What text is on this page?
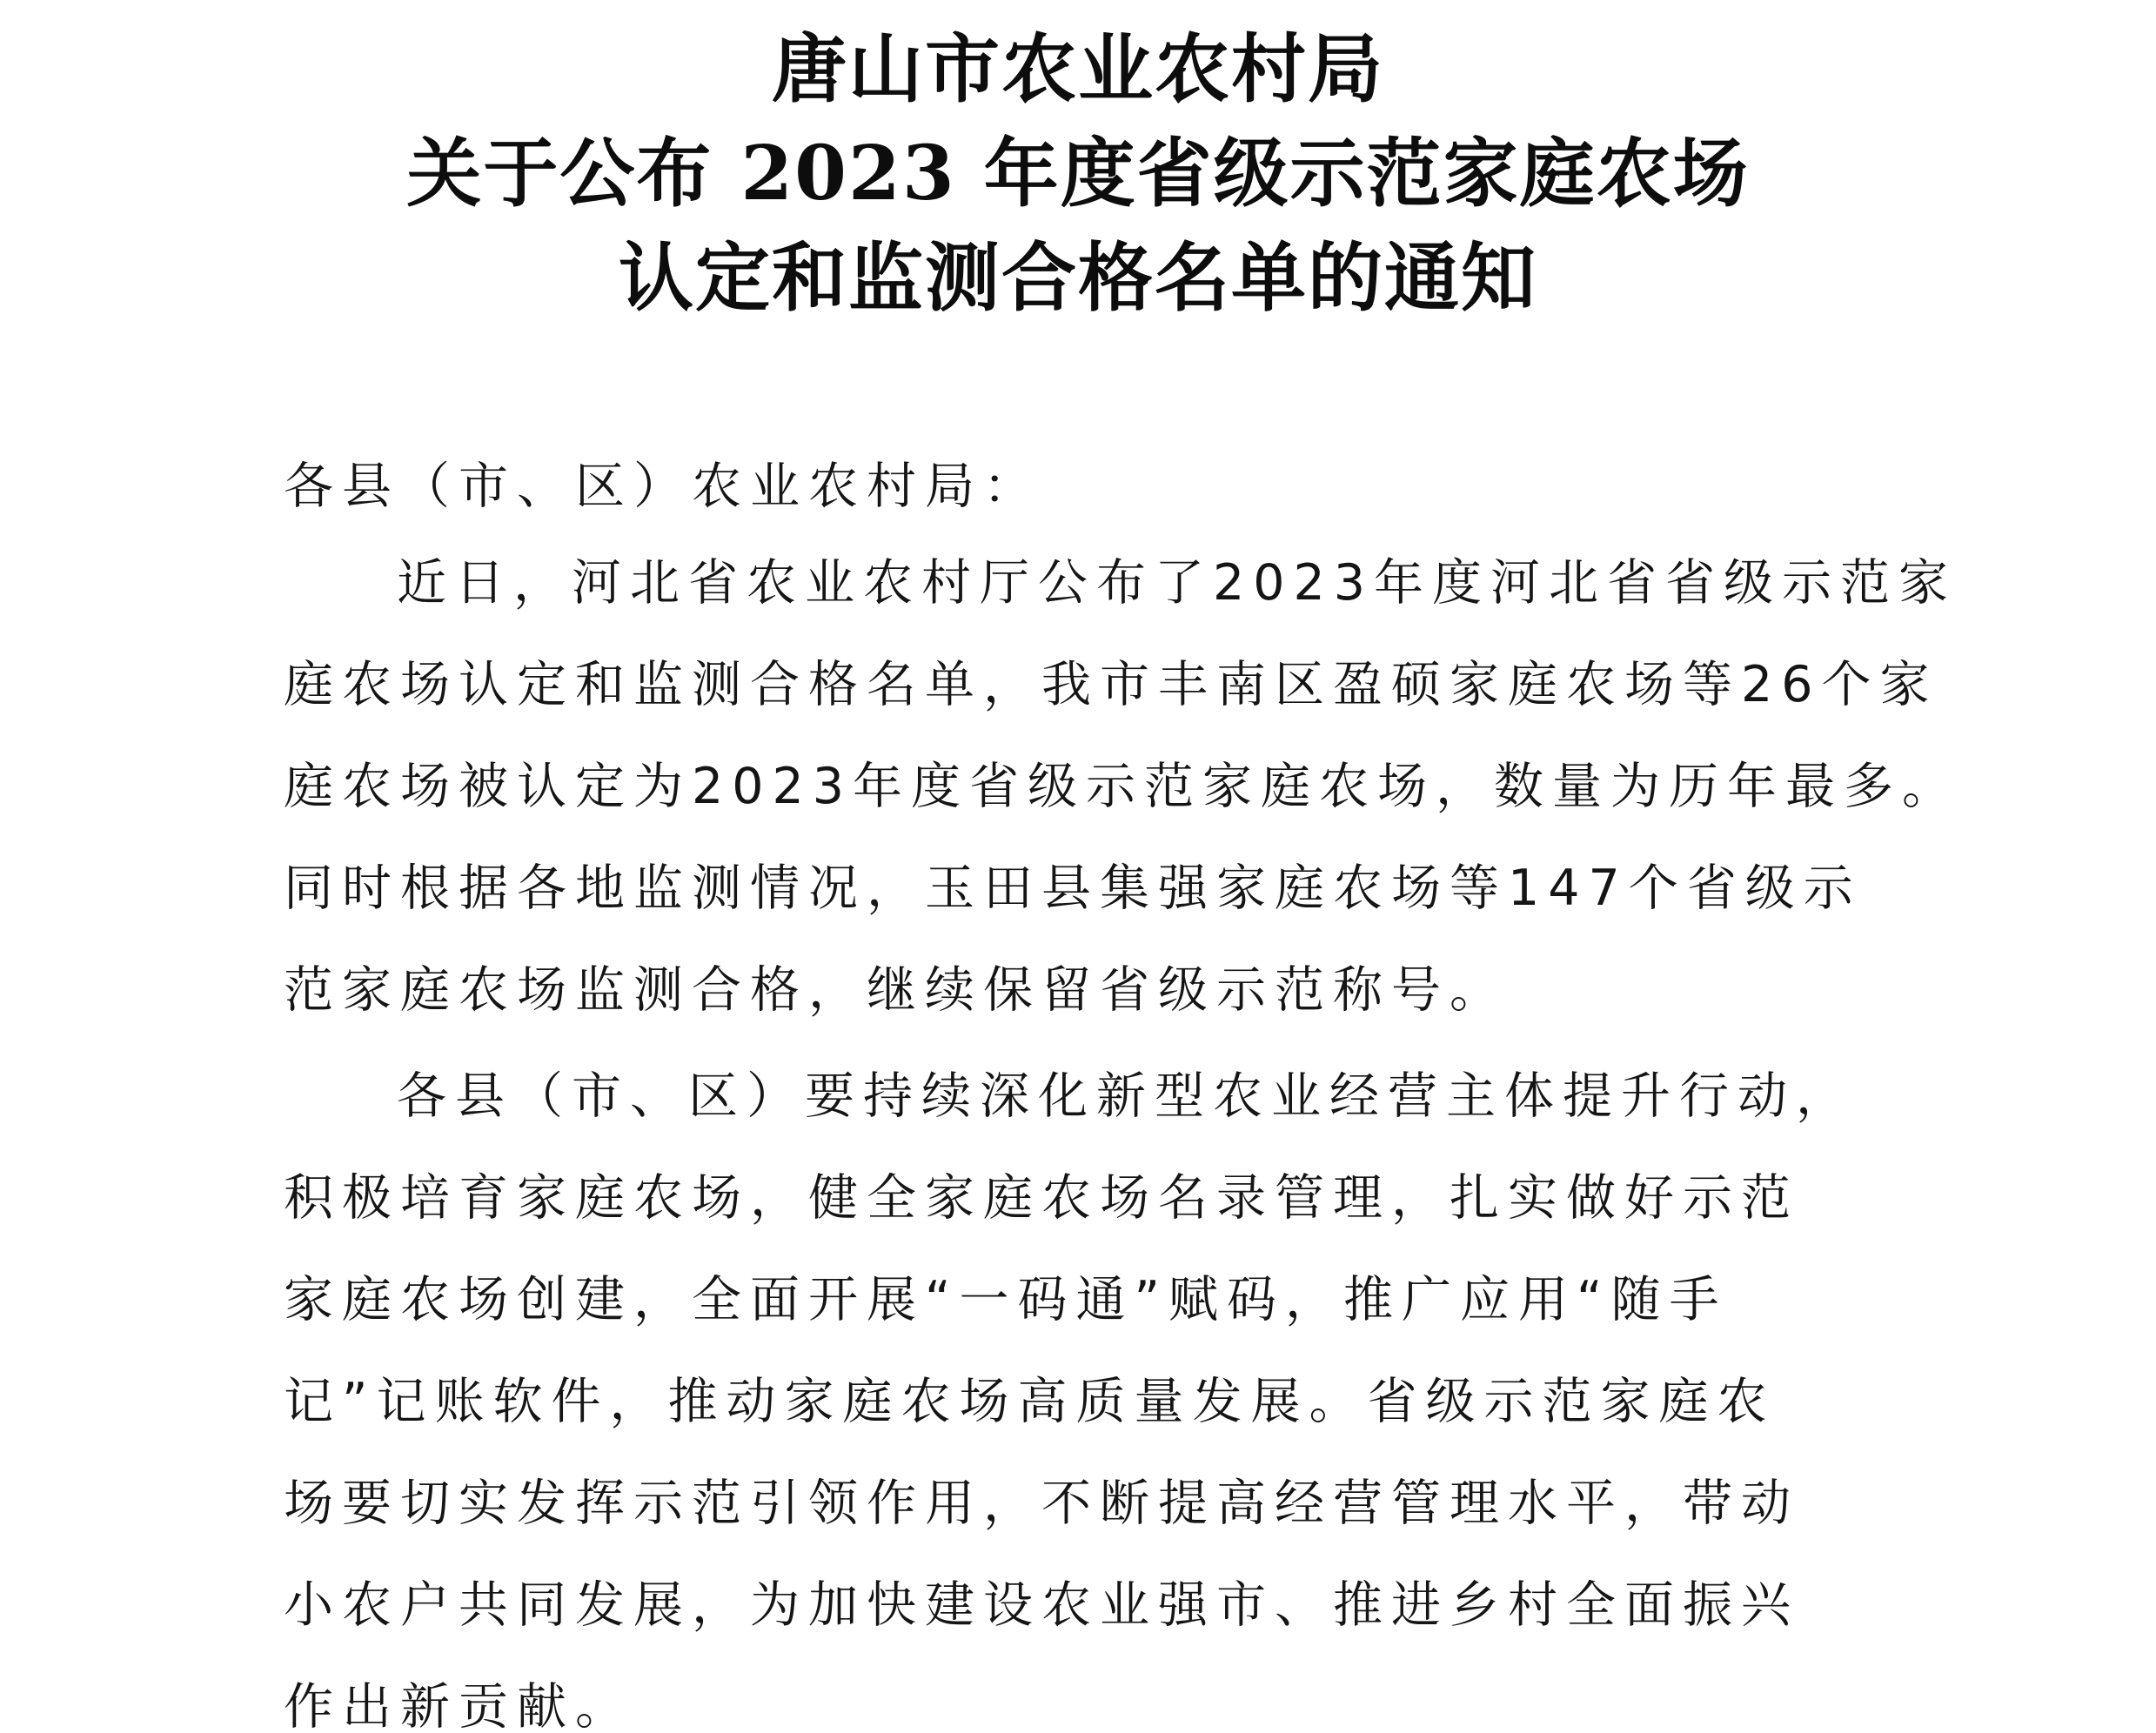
唐山市农业农村局
关于公布 2023 年度省级示范家庭农场
认定和监测合格名单的通知
各县（市、区）农业农村局：
近日，河北省农业农村厅公布了2023年度河北省省级示范家
庭农场认定和监测合格名单，我市丰南区盈硕家庭农场等26个家
庭农场被认定为2023年度省级示范家庭农场，数量为历年最多。
同时根据各地监测情况，玉田县集强家庭农场等147个省级示
范家庭农场监测合格，继续保留省级示范称号。
各县（市、区）要持续深化新型农业经营主体提升行动，
积极培育家庭农场，健全家庭农场名录管理，扎实做好示范
家庭农场创建，全面开展“一码通”赋码，推广应用“随手
记”记账软件，推动家庭农场高质量发展。省级示范家庭农
场要切实发挥示范引领作用，不断提高经营管理水平，带动
小农户共同发展，为加快建设农业强市、推进乡村全面振兴
作出新贡献。
